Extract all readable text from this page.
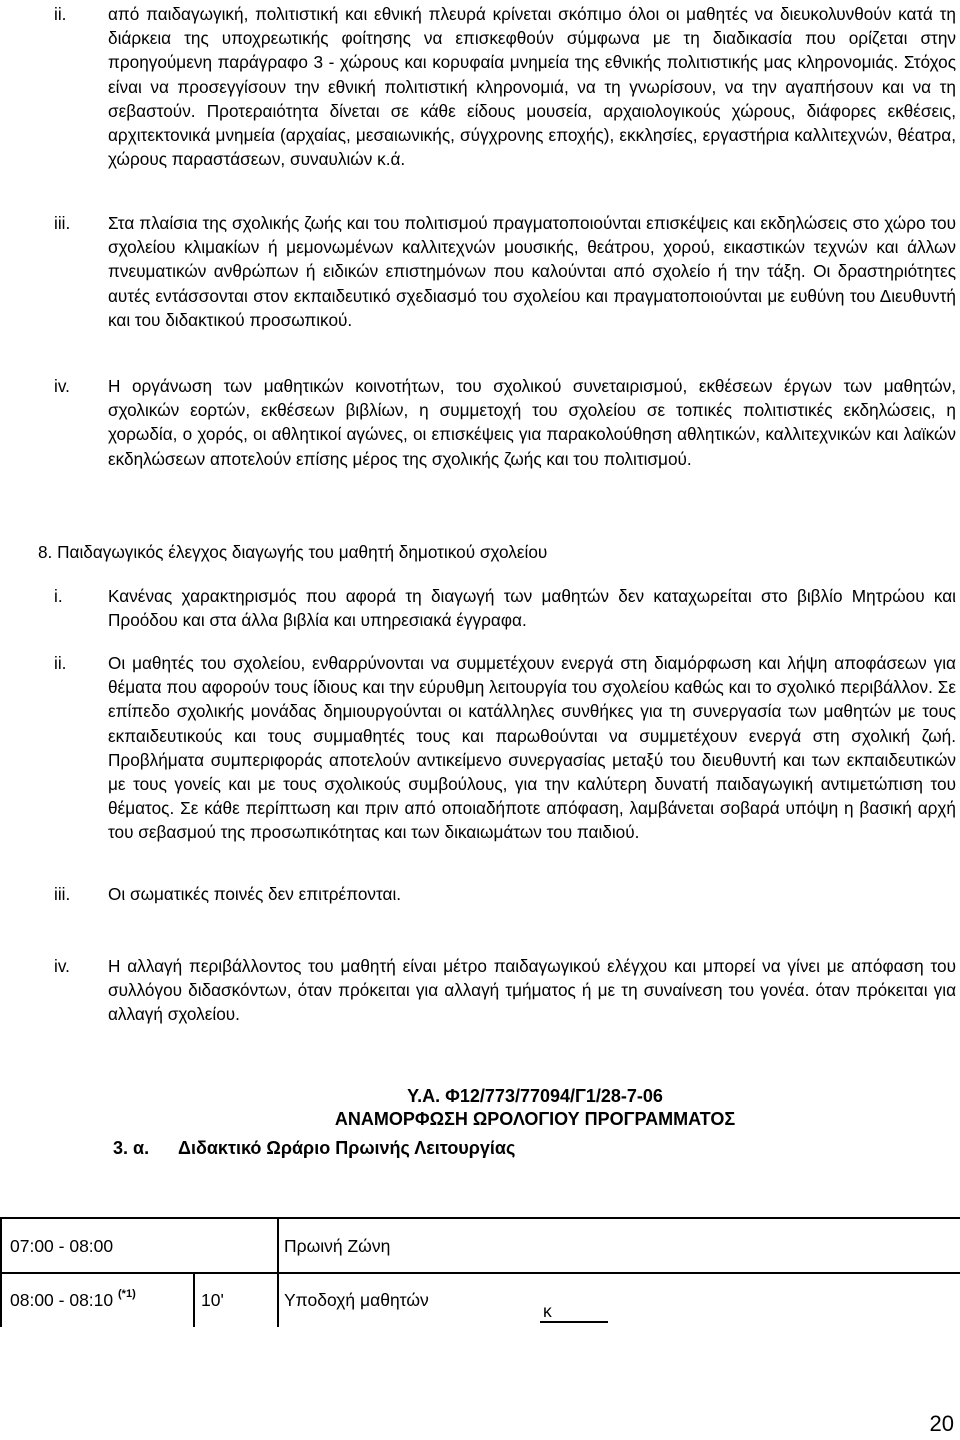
ii. από παιδαγωγική, πολιτιστική και εθνική πλευρά κρίνεται σκόπιμο όλοι οι μαθητές να διευκολυνθούν κατά τη διάρκεια της υποχρεωτικής φοίτησης να επισκεφθούν σύμφωνα με τη διαδικασία που ορίζεται στην προηγούμενη παράγραφο 3 - χώρους και κορυφαία μνημεία της εθνικής πολιτιστικής μας κληρονομιάς. Στόχος είναι να προσεγγίσουν την εθνική πολιτιστική κληρονομιά, να τη γνωρίσουν, να την αγαπήσουν και να τη σεβαστούν. Προτεραιότητα δίνεται σε κάθε είδους μουσεία, αρχαιολογικούς χώρους, διάφορες εκθέσεις, αρχιτεκτονικά μνημεία (αρχαίας, μεσαιωνικής, σύγχρονης εποχής), εκκλησίες, εργαστήρια καλλιτεχνών, θέατρα, χώρους παραστάσεων, συναυλιών κ.ά.
iii. Στα πλαίσια της σχολικής ζωής και του πολιτισμού πραγματοποιούνται επισκέψεις και εκδηλώσεις στο χώρο του σχολείου κλιμακίων ή μεμονωμένων καλλιτεχνών μουσικής, θεάτρου, χορού, εικαστικών τεχνών και άλλων πνευματικών ανθρώπων ή ειδικών επιστημόνων που καλούνται από σχολείο ή την τάξη. Οι δραστηριότητες αυτές εντάσσονται στον εκπαιδευτικό σχεδιασμό του σχολείου και πραγματοποιούνται με ευθύνη του Διευθυντή και του διδακτικού προσωπικού.
iv. Η οργάνωση των μαθητικών κοινοτήτων, του σχολικού συνεταιρισμού, εκθέσεων έργων των μαθητών, σχολικών εορτών, εκθέσεων βιβλίων, η συμμετοχή του σχολείου σε τοπικές πολιτιστικές εκδηλώσεις, η χορωδία, ο χορός, οι αθλητικοί αγώνες, οι επισκέψεις για παρακολούθηση αθλητικών, καλλιτεχνικών και λαϊκών εκδηλώσεων αποτελούν επίσης μέρος της σχολικής ζωής και του πολιτισμού.
8. Παιδαγωγικός έλεγχος διαγωγής του μαθητή δημοτικού σχολείου
i.	Κανένας χαρακτηρισμός που αφορά τη διαγωγή των μαθητών δεν καταχωρείται στο βιβλίο Μητρώου και Προόδου και στα άλλα βιβλία και υπηρεσιακά έγγραφα.
ii. Οι μαθητές του σχολείου, ενθαρρύνονται να συμμετέχουν ενεργά στη διαμόρφωση και λήψη αποφάσεων για θέματα που αφορούν τους ίδιους και την εύρυθμη λειτουργία του σχολείου καθώς και το σχολικό περιβάλλον. Σε επίπεδο σχολικής μονάδας δημιουργούνται οι κατάλληλες συνθήκες για τη συνεργασία των μαθητών με τους εκπαιδευτικούς και τους συμμαθητές τους και παρωθούνται να συμμετέχουν ενεργά στη σχολική ζωή. Προβλήματα συμπεριφοράς αποτελούν αντικείμενο συνεργασίας μεταξύ του διευθυντή και των εκπαιδευτικών με τους γονείς και με τους σχολικούς συμβούλους, για την καλύτερη δυνατή παιδαγωγική αντιμετώπιση του θέματος. Σε κάθε περίπτωση και πριν από οποιαδήποτε απόφαση, λαμβάνεται σοβαρά υπόψη η βασική αρχή του σεβασμού της προσωπικότητας και των δικαιωμάτων του παιδιού.
iii. Οι σωματικές ποινές δεν επιτρέπονται.
iv. Η αλλαγή περιβάλλοντος του μαθητή είναι μέτρο παιδαγωγικού ελέγχου και μπορεί να γίνει με απόφαση του συλλόγου διδασκόντων, όταν πρόκειται για αλλαγή τμήματος ή με τη συναίνεση του γονέα. όταν πρόκειται για αλλαγή σχολείου.
Υ.Α. Φ12/773/77094/Γ1/28-7-06
ΑΝΑΜΟΡΦΩΣΗ ΩΡΟΛΟΓΙΟΥ ΠΡΟΓΡΑΜΜΑΤΟΣ
3. α. Διδακτικό Ωράριο Πρωινής Λειτουργίας
07:00 - 08:00	Πρωινή Ζώνη
08:00 - 08:10 $^{(*1)}$	10'	Υποδοχή μαθητών
κ
20
